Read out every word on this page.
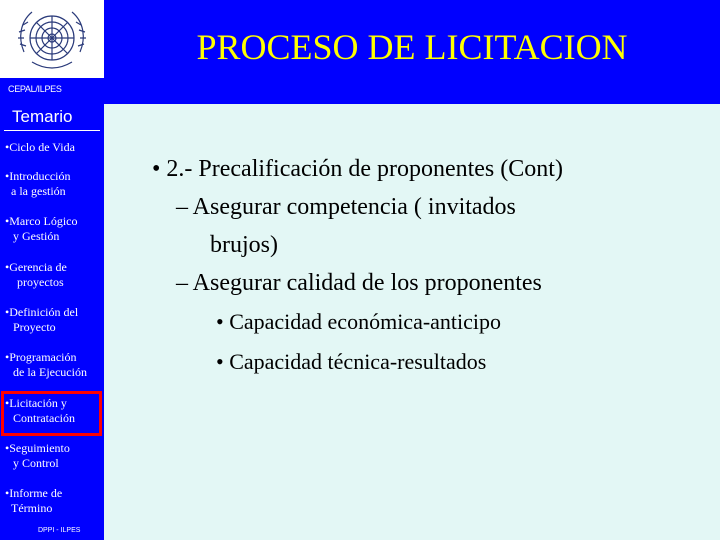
CEPAL/ILPES
PROCESO DE LICITACION
Temario
•Ciclo de Vida
•Introducción
a la gestión
•Marco Lógico
y Gestión
•Gerencia de
proyectos
•Definición del
Proyecto
•Programación
de la Ejecución
•Licitación y
Contratación
•Seguimiento
y Control
•Informe de
Término
DPPI - ILPES
• 2.- Precalificación de proponentes (Cont)
– Asegurar competencia ( invitados
brujos)
– Asegurar calidad de los proponentes
• Capacidad económica-anticipo
• Capacidad técnica-resultados
